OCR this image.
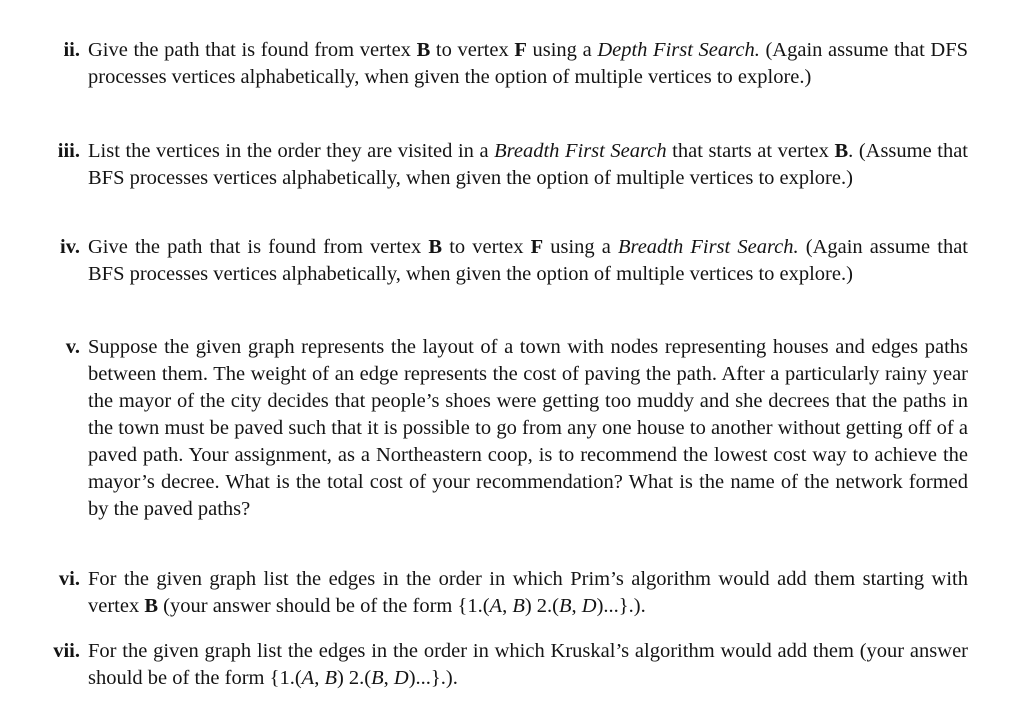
ii. Give the path that is found from vertex B to vertex F using a Depth First Search. (Again assume that DFS processes vertices alphabetically, when given the option of multiple vertices to explore.)
iii. List the vertices in the order they are visited in a Breadth First Search that starts at vertex B. (Assume that BFS processes vertices alphabetically, when given the option of multiple vertices to explore.)
iv. Give the path that is found from vertex B to vertex F using a Breadth First Search. (Again assume that BFS processes vertices alphabetically, when given the option of multiple vertices to explore.)
v. Suppose the given graph represents the layout of a town with nodes representing houses and edges paths between them. The weight of an edge represents the cost of paving the path. After a particularly rainy year the mayor of the city decides that people’s shoes were getting too muddy and she decrees that the paths in the town must be paved such that it is possible to go from any one house to another without getting off of a paved path. Your assignment, as a Northeastern coop, is to recommend the lowest cost way to achieve the mayor’s decree. What is the total cost of your recommendation? What is the name of the network formed by the paved paths?
vi. For the given graph list the edges in the order in which Prim’s algorithm would add them starting with vertex B (your answer should be of the form {1.(A, B) 2.(B, D)...}.).
vii. For the given graph list the edges in the order in which Kruskal’s algorithm would add them (your answer should be of the form {1.(A, B) 2.(B, D)...}.).
